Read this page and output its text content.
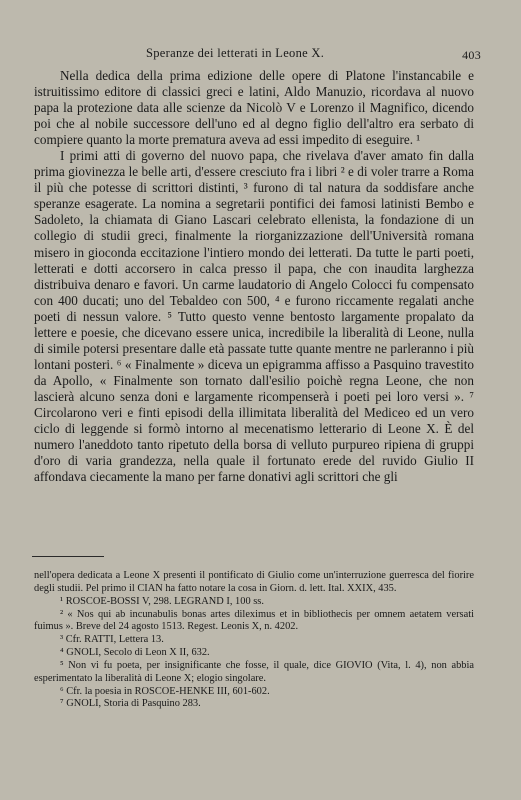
Speranze dei letterati in Leone X.	403

Nella dedica della prima edizione delle opere di Platone l'instancabile e istruitissimo editore di classici greci e latini, Aldo Manuzio, ricordava al nuovo papa la protezione data alle scienze da Nicolò V e Lorenzo il Magnifico, dicendo poi che al nobile successore dell'uno ed al degno figlio dell'altro era serbato di compiere quanto la morte prematura aveva ad essi impedito di eseguire. ¹

I primi atti di governo del nuovo papa, che rivelava d'aver amato fin dalla prima giovinezza le belle arti, d'essere cresciuto fra i libri ² e di voler trarre a Roma il più che potesse di scrittori distinti, ³ furono di tal natura da soddisfare anche speranze esagerate. La nomina a segretarii pontifici dei famosi latinisti Bembo e Sadoleto, la chiamata di Giano Lascari celebrato ellenista, la fondazione di un collegio di studii greci, finalmente la riorganizzazione dell'Università romana misero in gioconda eccitazione l'intiero mondo dei letterati. Da tutte le parti poeti, letterati e dotti accorsero in calca presso il papa, che con inaudita larghezza distribuiva denaro e favori. Un carme laudatorio di Angelo Colocci fu compensato con 400 ducati; uno del Tebaldeo con 500, ⁴ e furono riccamente regalati anche poeti di nessun valore. ⁵ Tutto questo venne bentosto largamente propalato da lettere e poesie, che dicevano essere unica, incredibile la liberalità di Leone, nulla di simile potersi presentare dalle età passate tutte quante mentre ne parleranno i più lontani posteri. ⁶ « Finalmente » diceva un epigramma affisso a Pasquino travestito da Apollo, « Finalmente son tornato dall'esilio poichè regna Leone, che non lascierà alcuno senza doni e largamente ricompenserà i poeti pei loro versi ». ⁷ Circolarono veri e finti episodi della illimitata liberalità del Mediceo ed un vero ciclo di leggende si formò intorno al mecenatismo letterario di Leone X. È del numero l'aneddoto tanto ripetuto della borsa di velluto purpureo ripiena di gruppi d'oro di varia grandezza, nella quale il fortunato erede del ruvido Giulio II affondava ciecamente la mano per farne donativi agli scrittori che gli

nell'opera dedicata a Leone X presenti il pontificato di Giulio come un'interruzione guerresca del fiorire degli studii. Pel primo il CIAN ha fatto notare la cosa in Giorn. d. lett. Ital. XXIX, 435.

¹ ROSCOE-BOSSI V, 298. LEGRAND I, 100 ss.

² « Nos qui ab incunabulis bonas artes dileximus et in bibliothecis per omnem aetatem versati fuimus ». Breve del 24 agosto 1513. Regest. Leonis X, n. 4202.

³ Cfr. RATTI, Lettera 13.

⁴ GNOLI, Secolo di Leon X II, 632.

⁵ Non vi fu poeta, per insignificante che fosse, il quale, dice GIOVIO (Vita, l. 4), non abbia esperimentato la liberalità di Leone X; elogio singolare.

⁶ Cfr. la poesia in ROSCOE-HENKE III, 601-602.

⁷ GNOLI, Storia di Pasquino 283.
